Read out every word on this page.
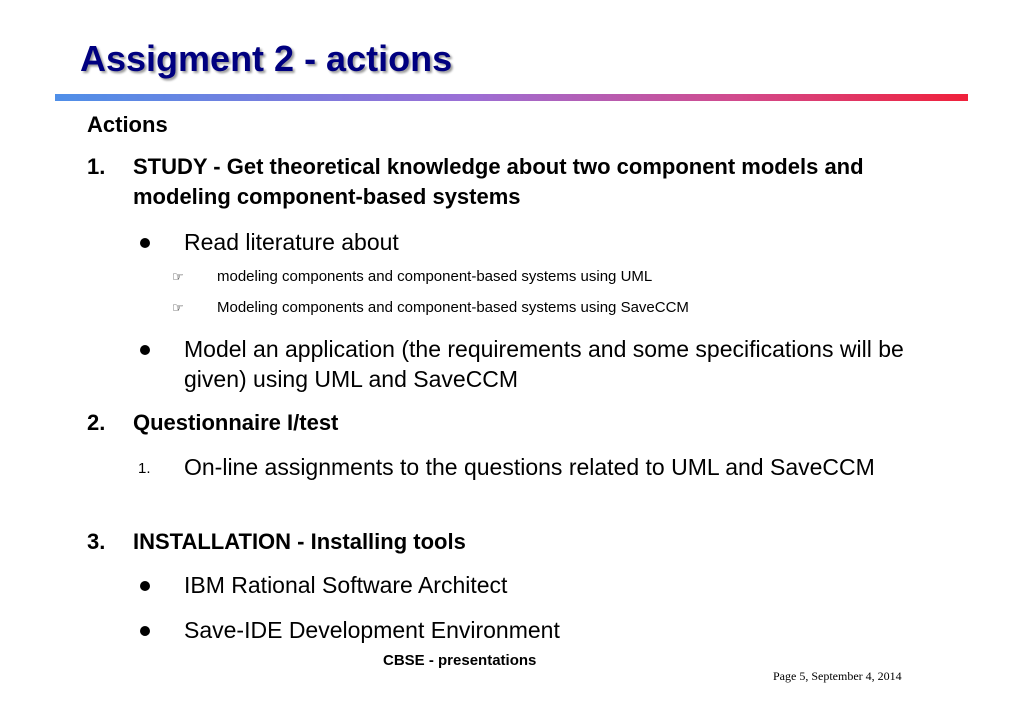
Assigment 2 - actions
Actions
1. STUDY - Get theoretical knowledge about two component models and modeling component-based systems
Read literature about
☞ modeling components and component-based systems using UML
☞ Modeling components and component-based systems using SaveCCM
Model an application (the requirements and some specifications will be given) using UML and SaveCCM
2. Questionnaire I/test
1. On-line assignments to the questions related to UML and SaveCCM
3. INSTALLATION - Installing tools
IBM Rational Software Architect
Save-IDE Development Environment
CBSE - presentations
Page 5, September 4, 2014
